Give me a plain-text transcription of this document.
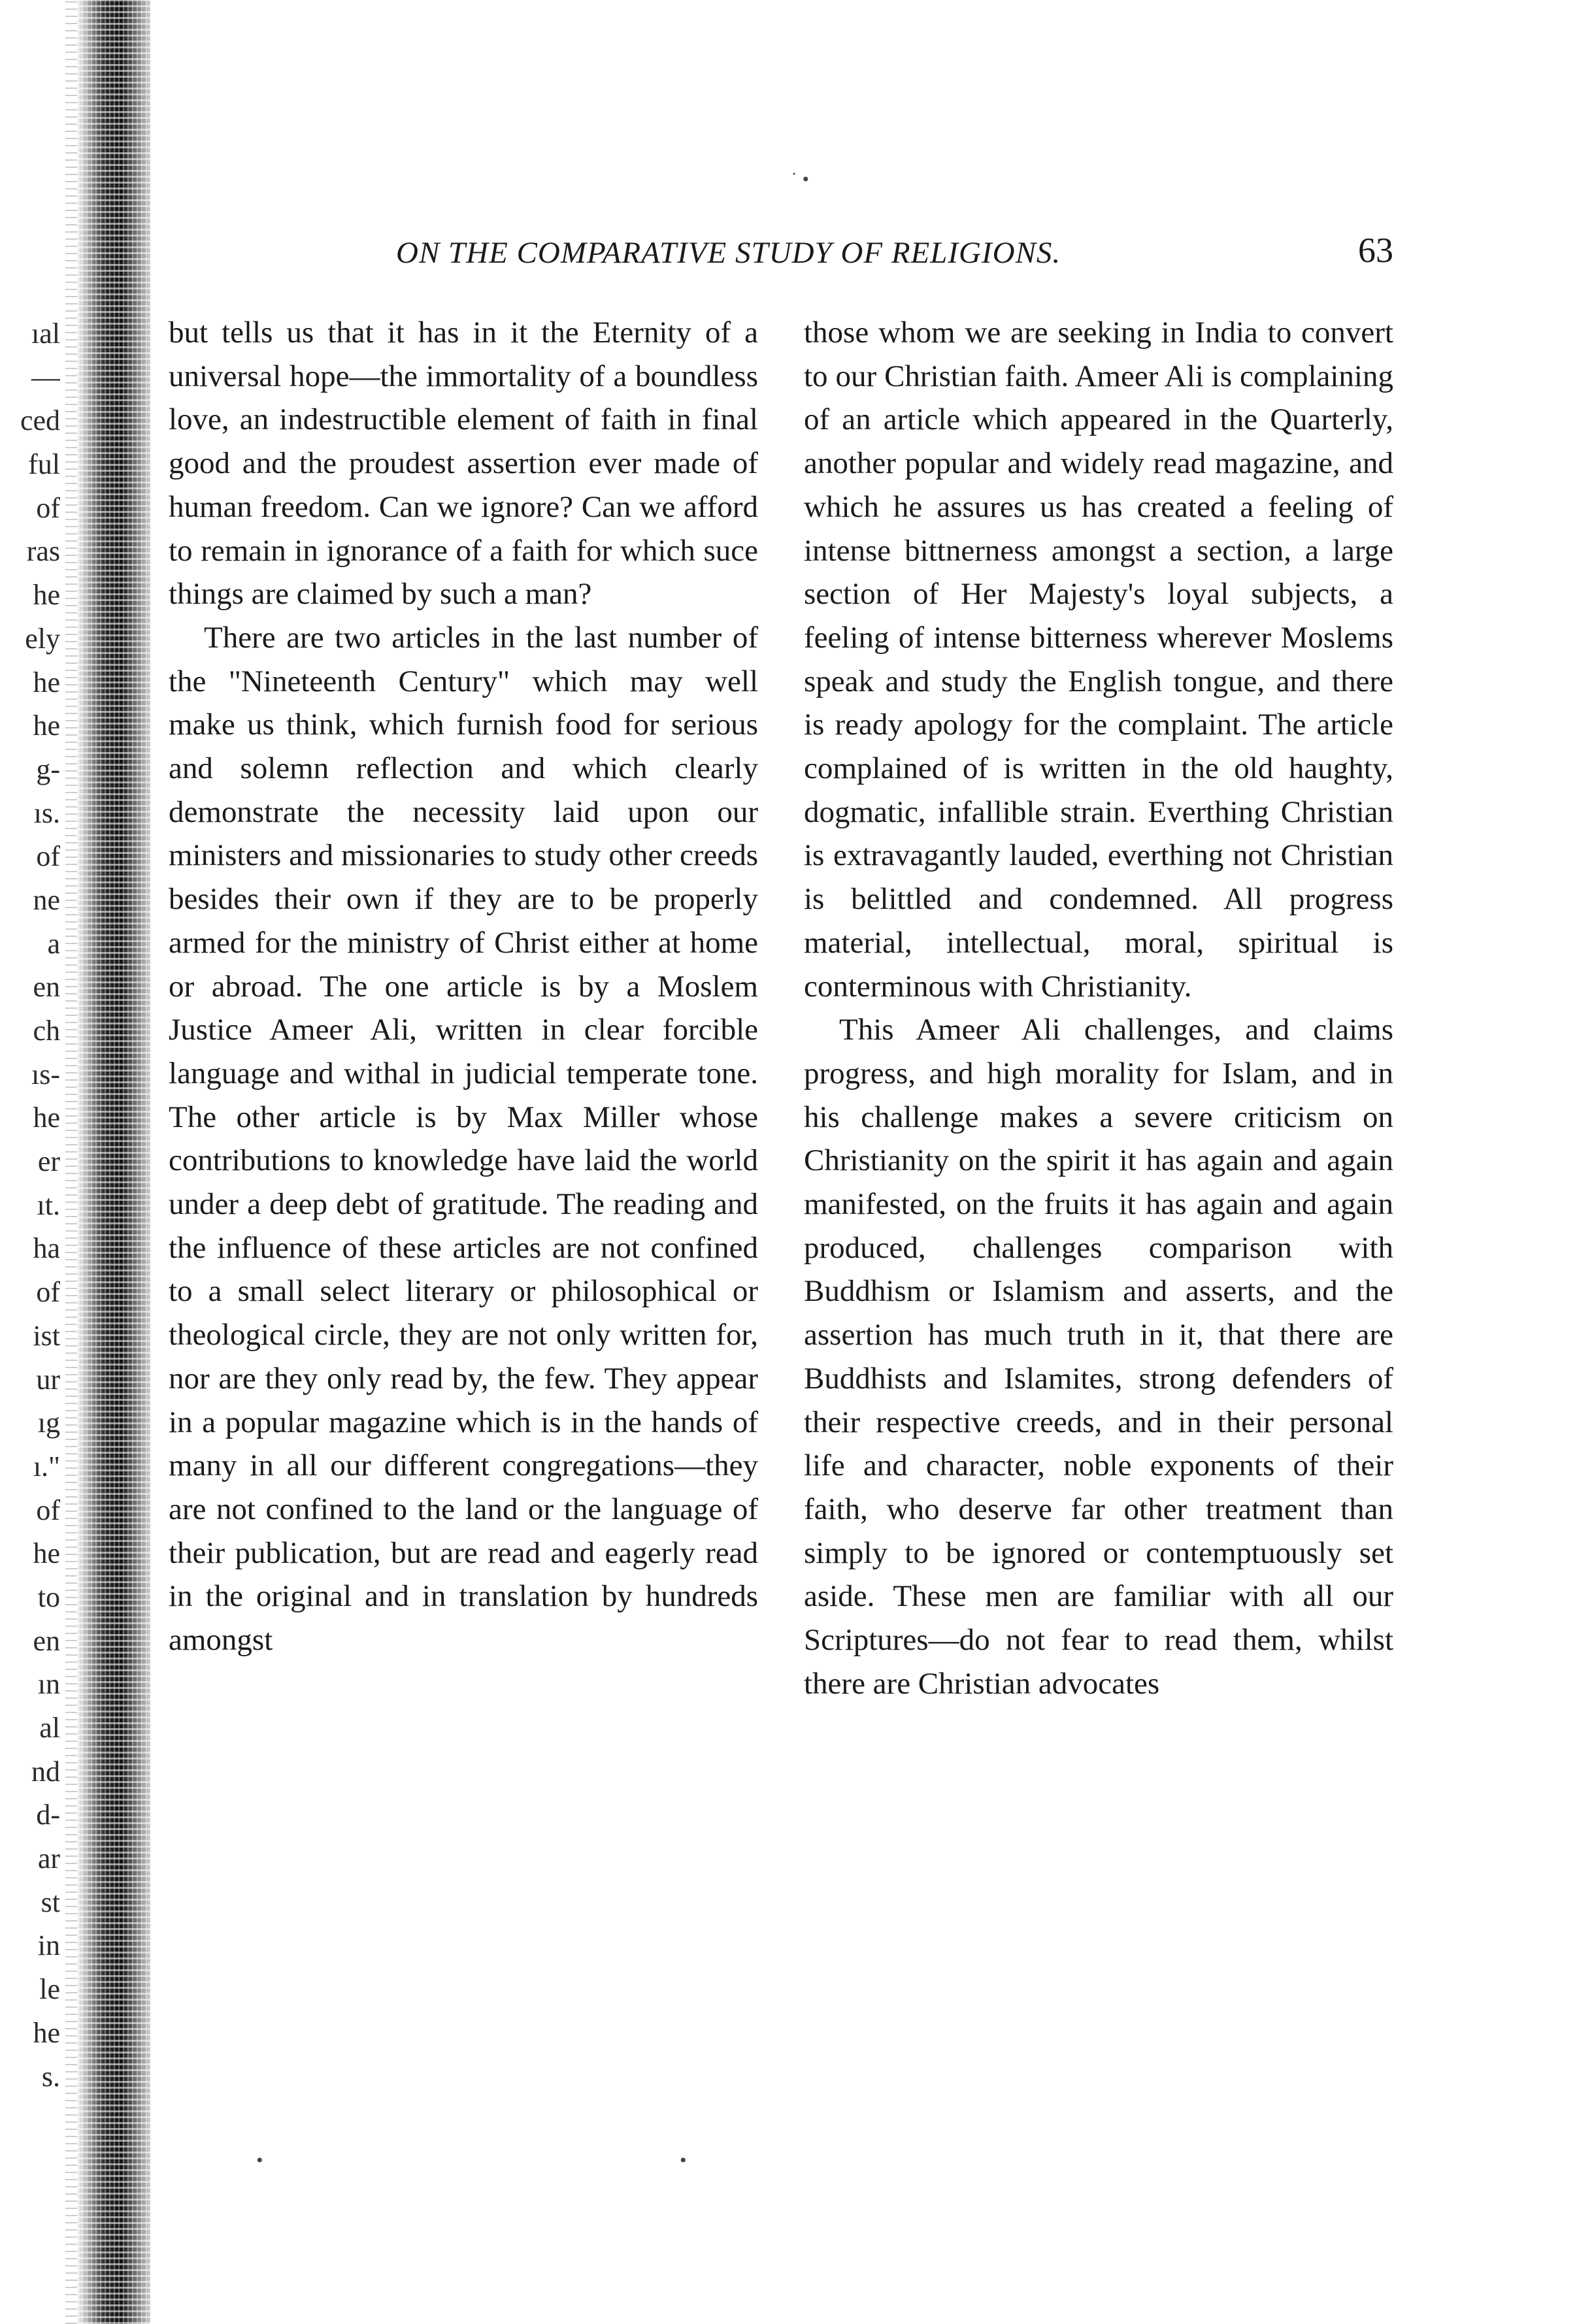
ıal
—
ced
ful
of
ras
he
ely
he
he
g-
ıs.
of
ne
a
en
ch
ıs-
he
er
ıt.
ha
of
ist
ur
ıg
ı."
of
he
to
en
ın
al
nd
d-
ar
st
in
le
he
s.
˙ •
ON THE COMPARATIVE STUDY OF RELIGIONS.	63

but tells us that it has in it the Eternity of a universal hope—the immortality of a boundless love, an indestructible element of faith in final good and the proudest assertion ever made of human freedom. Can we ignore? Can we afford to remain in ignorance of a faith for which suce things are claimed by such a man?

There are two articles in the last number of the "Nineteenth Century" which may well make us think, which furnish food for serious and solemn reflection and which clearly demonstrate the necessity laid upon our ministers and missionaries to study other creeds besides their own if they are to be properly armed for the ministry of Christ either at home or abroad. The one article is by a Moslem Justice Ameer Ali, written in clear forcible language and withal in judicial temperate tone. The other article is by Max Miller whose contributions to knowledge have laid the world under a deep debt of gratitude. The reading and the influence of these articles are not confined to a small select literary or philosophical or theological circle, they are not only written for, nor are they only read by, the few. They appear in a popular magazine which is in the hands of many in all our different congregations—they are not confined to the land or the language of their publication, but are read and eagerly read in the original and in translation by hundreds amongst

those whom we are seeking in India to convert to our Christian faith. Ameer Ali is complaining of an article which appeared in the Quarterly, another popular and widely read magazine, and which he assures us has created a feeling of intense bittnerness amongst a section, a large section of Her Majesty's loyal subjects, a feeling of intense bitterness wherever Moslems speak and study the English tongue, and there is ready apology for the complaint. The article complained of is written in the old haughty, dogmatic, infallible strain. Everthing Christian is extravagantly lauded, everthing not Christian is belittled and condemned. All progress material, intellectual, moral, spiritual is conterminous with Christianity.

This Ameer Ali challenges, and claims progress, and high morality for Islam, and in his challenge makes a severe criticism on Christianity on the spirit it has again and again manifested, on the fruits it has again and again produced, challenges comparison with Buddhism or Islamism and asserts, and the assertion has much truth in it, that there are Buddhists and Islamites, strong defenders of their respective creeds, and in their personal life and character, noble exponents of their faith, who deserve far other treatment than simply to be ignored or contemptuously set aside. These men are familiar with all our Scriptures—do not fear to read them, whilst there are Christian advocates

•	•
